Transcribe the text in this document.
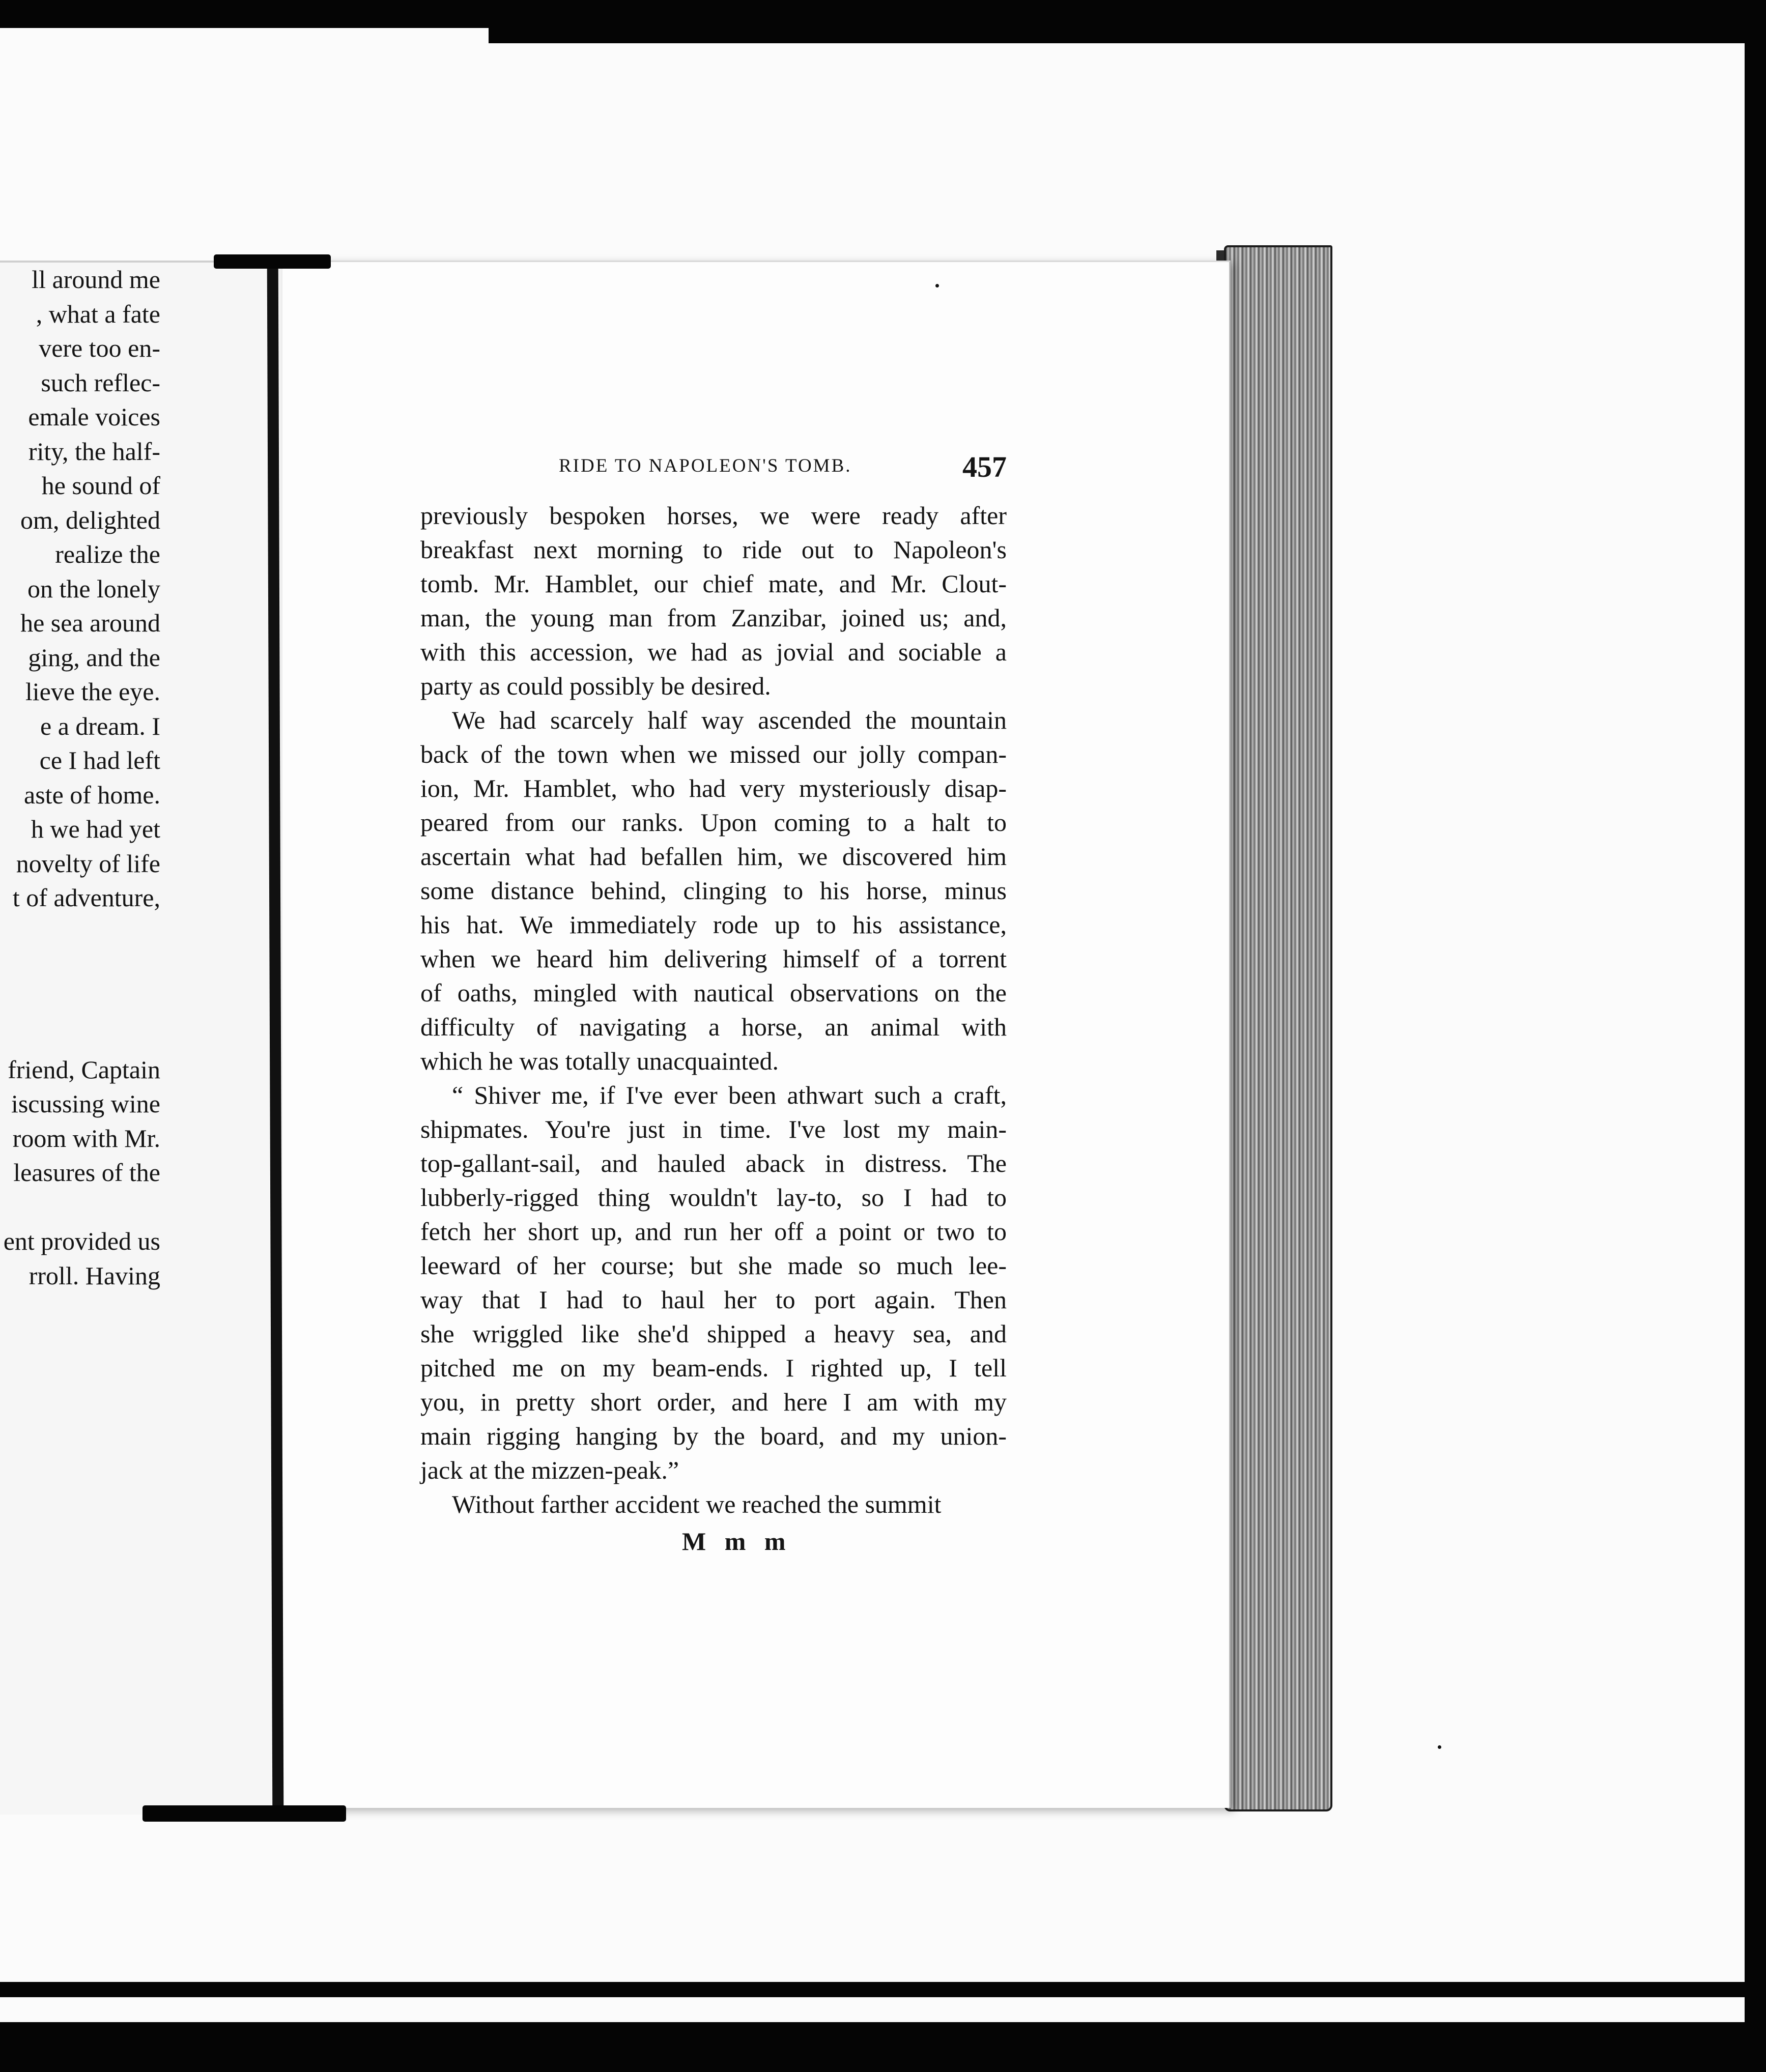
ll around me
, what a fate
vere too en-
such reflec-
emale voices
rity, the half-
he sound of
om, delighted
realize the
on the lonely
he sea around
ging, and the
lieve the eye.
e a dream. I
ce I had left
aste of home.
h we had yet
novelty of life
t of adventure,
friend, Captain
iscussing wine
room with Mr.
leasures of the
ent provided us
rroll. Having
RIDE TO NAPOLEON'S TOMB.	457
previously bespoken horses, we were ready after
breakfast next morning to ride out to Napoleon's
tomb. Mr. Hamblet, our chief mate, and Mr. Clout-
man, the young man from Zanzibar, joined us; and,
with this accession, we had as jovial and sociable a
party as could possibly be desired.
We had scarcely half way ascended the mountain
back of the town when we missed our jolly compan-
ion, Mr. Hamblet, who had very mysteriously disap-
peared from our ranks. Upon coming to a halt to
ascertain what had befallen him, we discovered him
some distance behind, clinging to his horse, minus
his hat. We immediately rode up to his assistance,
when we heard him delivering himself of a torrent
of oaths, mingled with nautical observations on the
difficulty of navigating a horse, an animal with
which he was totally unacquainted.
“ Shiver me, if I've ever been athwart such a craft,
shipmates. You're just in time. I've lost my main-
top-gallant-sail, and hauled aback in distress. The
lubberly-rigged thing wouldn't lay-to, so I had to
fetch her short up, and run her off a point or two to
leeward of her course; but she made so much lee-
way that I had to haul her to port again. Then
she wriggled like she'd shipped a heavy sea, and
pitched me on my beam-ends. I righted up, I tell
you, in pretty short order, and here I am with my
main rigging hanging by the board, and my union-
jack at the mizzen-peak.”
Without farther accident we reached the summit
M m m
